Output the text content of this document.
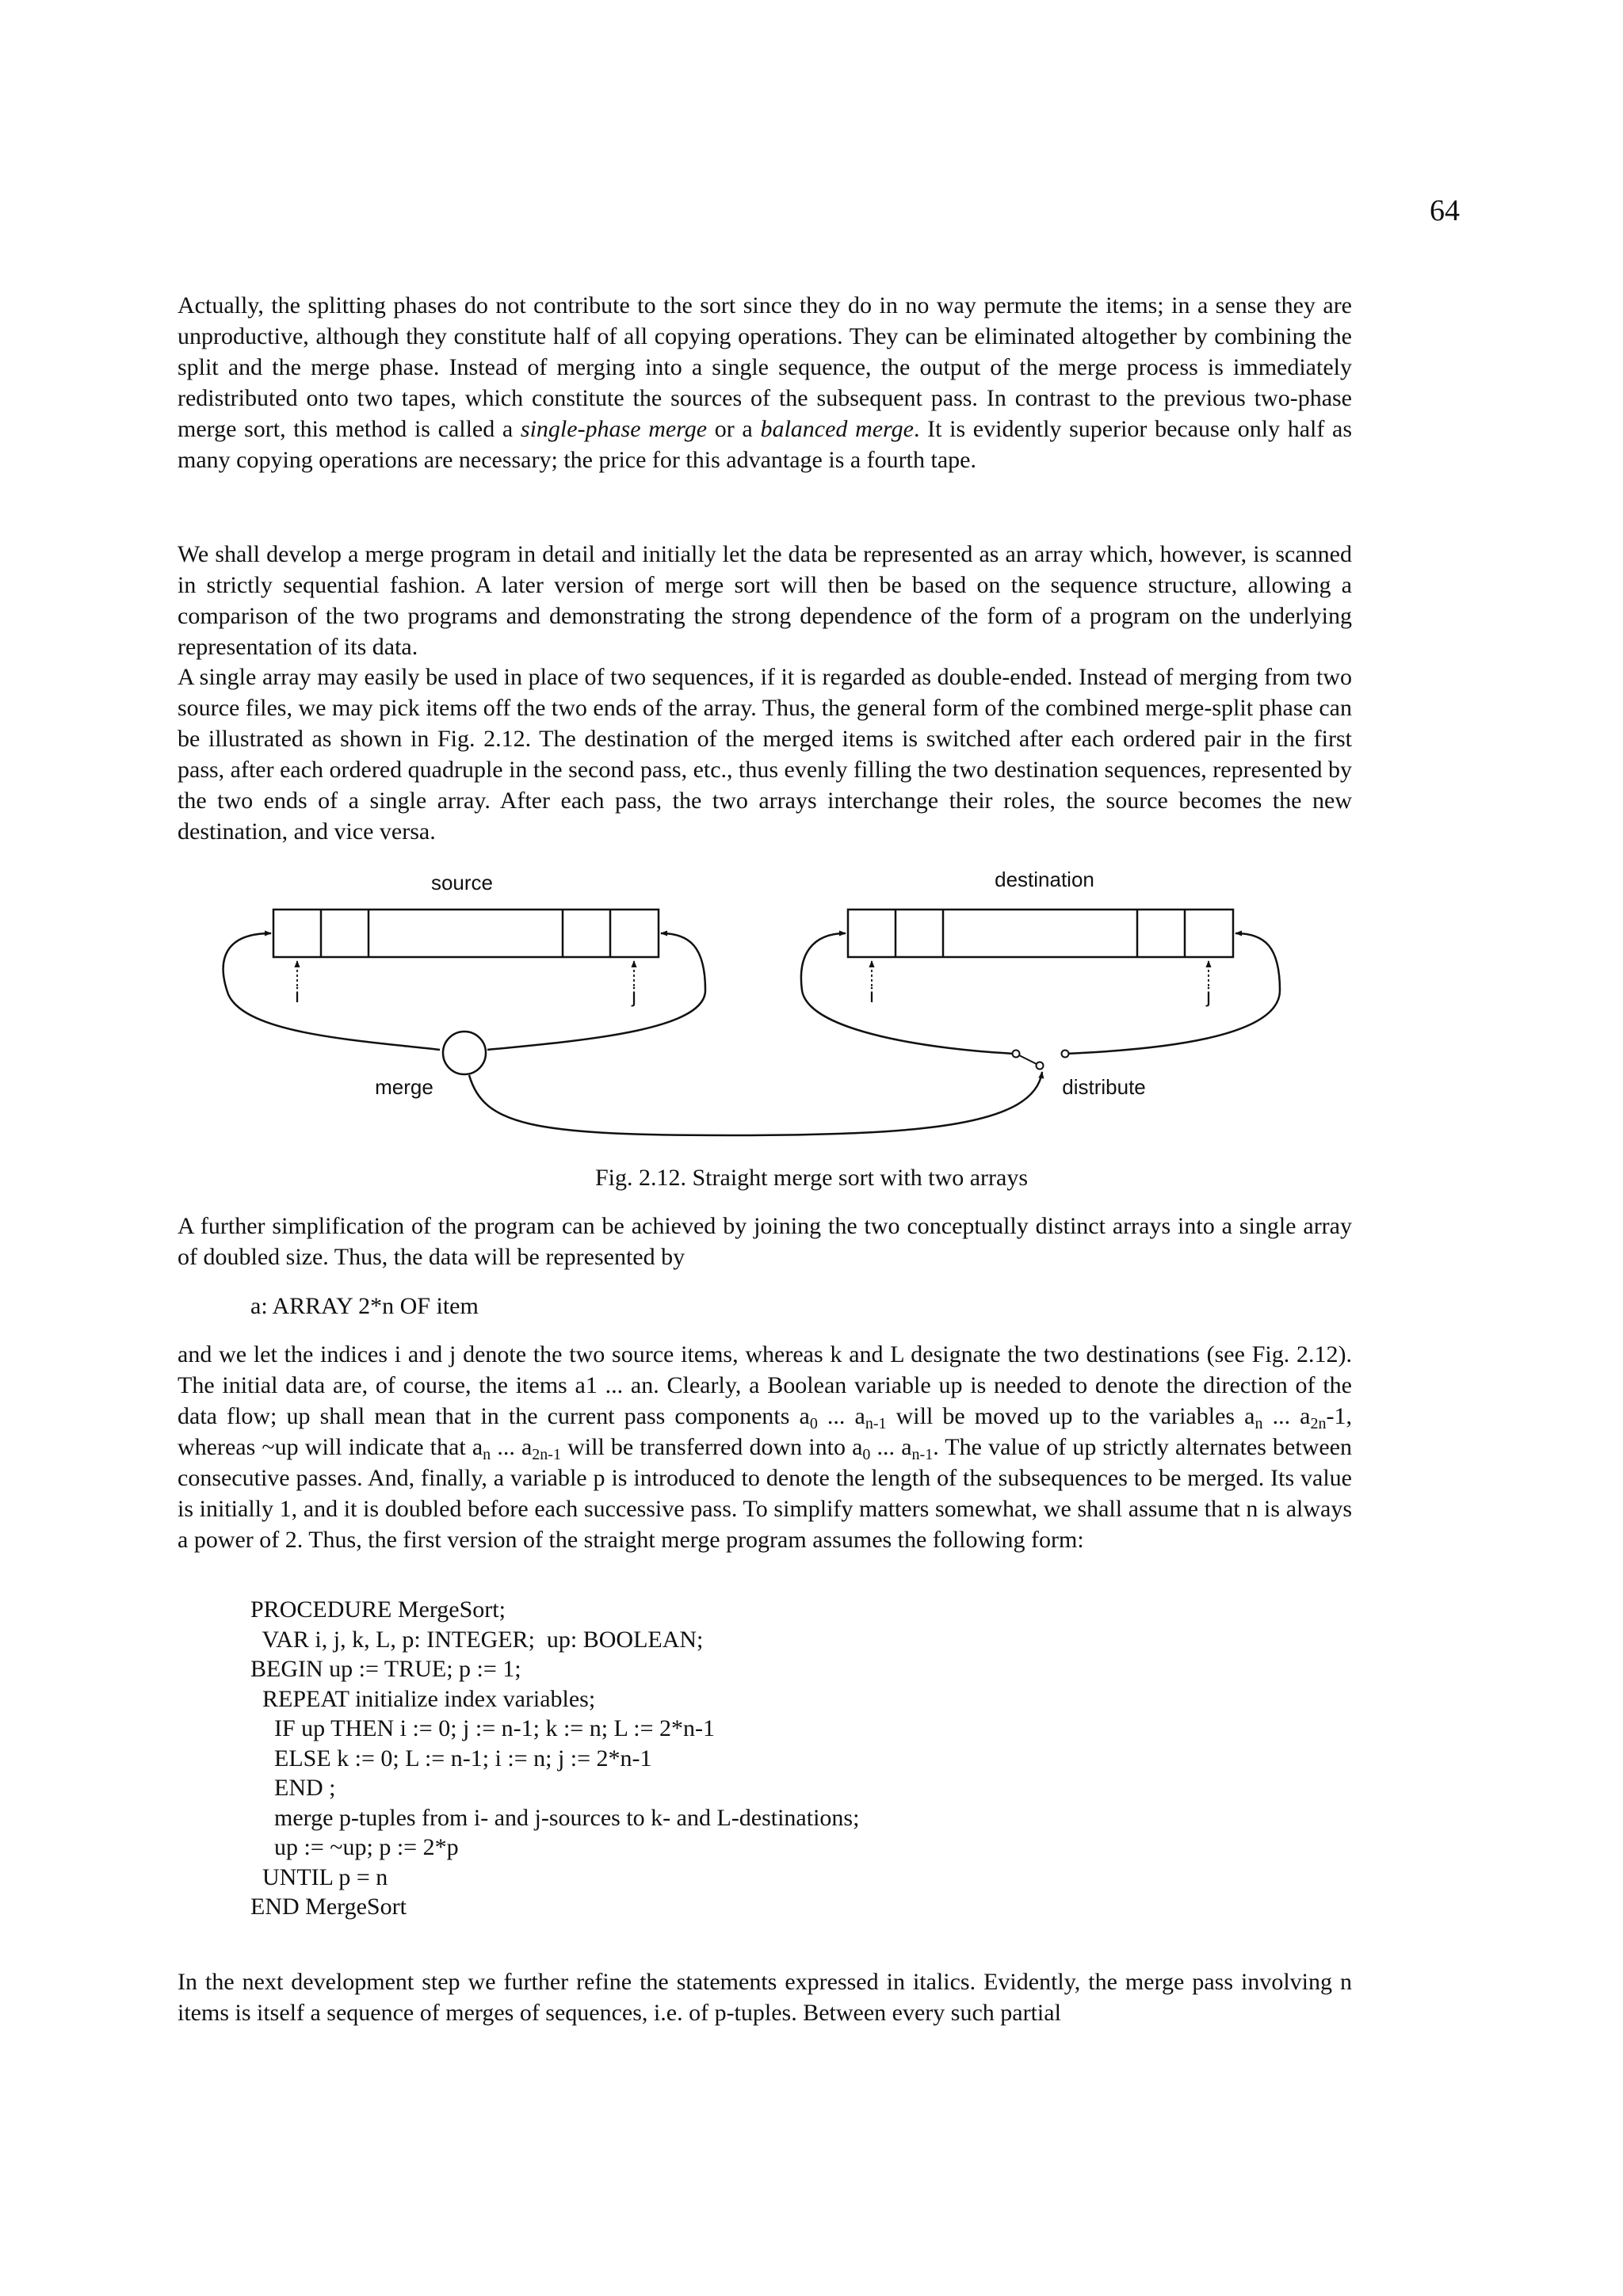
64
Actually, the splitting phases do not contribute to the sort since they do in no way permute the items; in a sense they are unproductive, although they constitute half of all copying operations. They can be eliminated altogether by combining the split and the merge phase. Instead of merging into a single sequence, the output of the merge process is immediately redistributed onto two tapes, which constitute the sources of the subsequent pass. In contrast to the previous two-phase merge sort, this method is called a single-phase merge or a balanced merge. It is evidently superior because only half as many copying operations are necessary; the price for this advantage is a fourth tape.
We shall develop a merge program in detail and initially let the data be represented as an array which, however, is scanned in strictly sequential fashion. A later version of merge sort will then be based on the sequence structure, allowing a comparison of the two programs and demonstrating the strong dependence of the form of a program on the underlying representation of its data.
A single array may easily be used in place of two sequences, if it is regarded as double-ended. Instead of merging from two source files, we may pick items off the two ends of the array. Thus, the general form of the combined merge-split phase can be illustrated as shown in Fig. 2.12. The destination of the merged items is switched after each ordered pair in the first pass, after each ordered quadruple in the second pass, etc., thus evenly filling the two destination sequences, represented by the two ends of a single array. After each pass, the two arrays interchange their roles, the source becomes the new destination, and vice versa.
source	destination
i	j	i	j
merge	distribute
Fig. 2.12. Straight merge sort with two arrays
A further simplification of the program can be achieved by joining the two conceptually distinct arrays into a single array of doubled size. Thus, the data will be represented by
a: ARRAY 2*n OF item
and we let the indices i and j denote the two source items, whereas k and L designate the two destinations (see Fig. 2.12). The initial data are, of course, the items a1 ... an. Clearly, a Boolean variable up is needed to denote the direction of the data flow; up shall mean that in the current pass components $a_0$ ... $a_{n-1}$ will be moved up to the variables $a_n$ ... $a_{2n}-1$, whereas ~up will indicate that $a_n$ ... $a_{2n-1}$ will be transferred down into $a_0$ ... $a_{n-1}$. The value of up strictly alternates between consecutive passes. And, finally, a variable p is introduced to denote the length of the subsequences to be merged. Its value is initially 1, and it is doubled before each successive pass. To simplify matters somewhat, we shall assume that n is always a power of 2. Thus, the first version of the straight merge program assumes the following form:
PROCEDURE MergeSort;
VAR i, j, k, L, p: INTEGER;  up: BOOLEAN;
BEGIN up := TRUE; p := 1;
REPEAT initialize index variables;
IF up THEN i := 0; j := n-1; k := n; L := 2*n-1
ELSE k := 0; L := n-1; i := n; j := 2*n-1
END ;
merge p-tuples from i- and j-sources to k- and L-destinations;
up := ~up; p := 2*p
UNTIL p = n
END MergeSort
In the next development step we further refine the statements expressed in italics. Evidently, the merge pass involving n items is itself a sequence of merges of sequences, i.e. of p-tuples. Between every such partial
